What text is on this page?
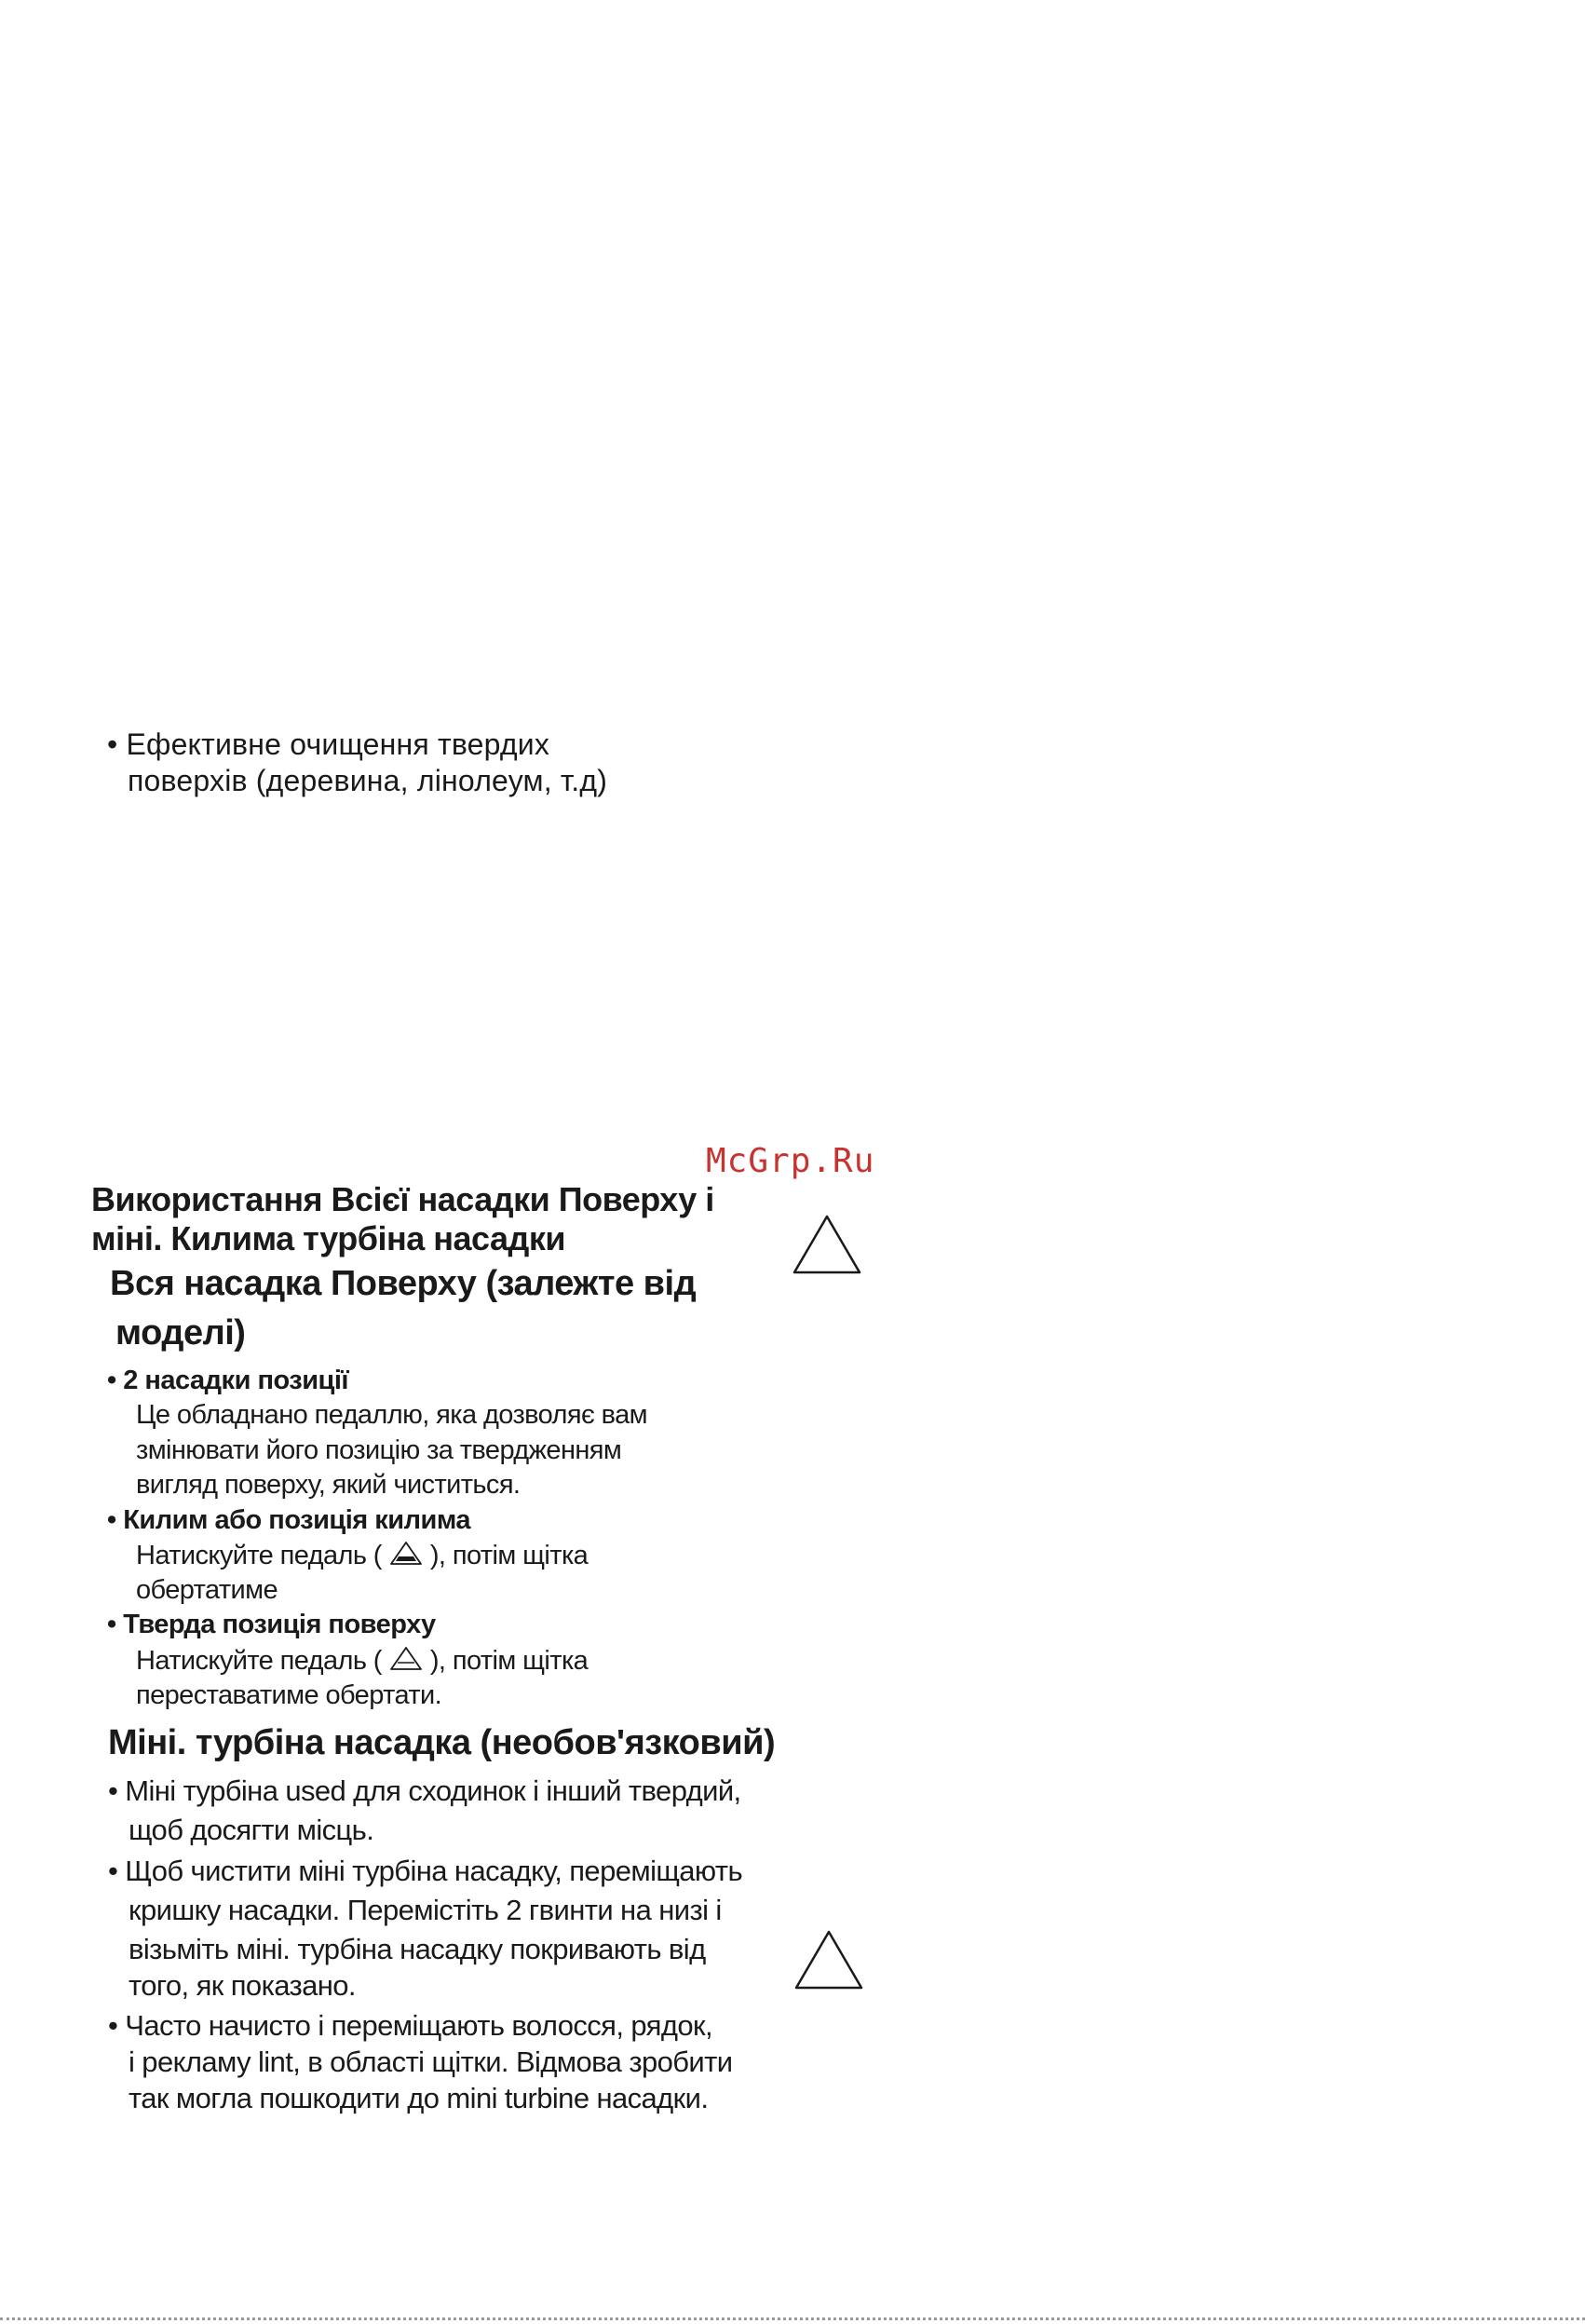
• Ефективне очищення твердих
поверхів (деревина, лінолеум, т.д)
McGrp.Ru
Використання Всієї насадки Поверху і
міні. Килима турбіна насадки
Вся насадка Поверху (залежте від
моделі)
• 2 насадки позиції
Це обладнано педаллю, яка дозволяє вам
змінювати його позицію за твердженням
вигляд поверху, який чиститься.
• Килим або позиція килима
Натискуйте педаль ( ), потім щітка
обертатиме
• Тверда позиція поверху
Натискуйте педаль ( ), потім щітка
переставатиме обертати.
Міні. турбіна насадка (необов'язковий)
• Міні турбіна used для сходинок і інший твердий,
щоб досягти місць.
• Щоб чистити міні турбіна насадку, переміщають
кришку насадки. Перемістіть 2 гвинти на низі і
візьміть міні. турбіна насадку покривають від
того, як показано.
• Часто начисто і переміщають волосся, рядок,
і рекламу lint, в області щітки. Відмова зробити
так могла пошкодити до mini turbine насадки.
